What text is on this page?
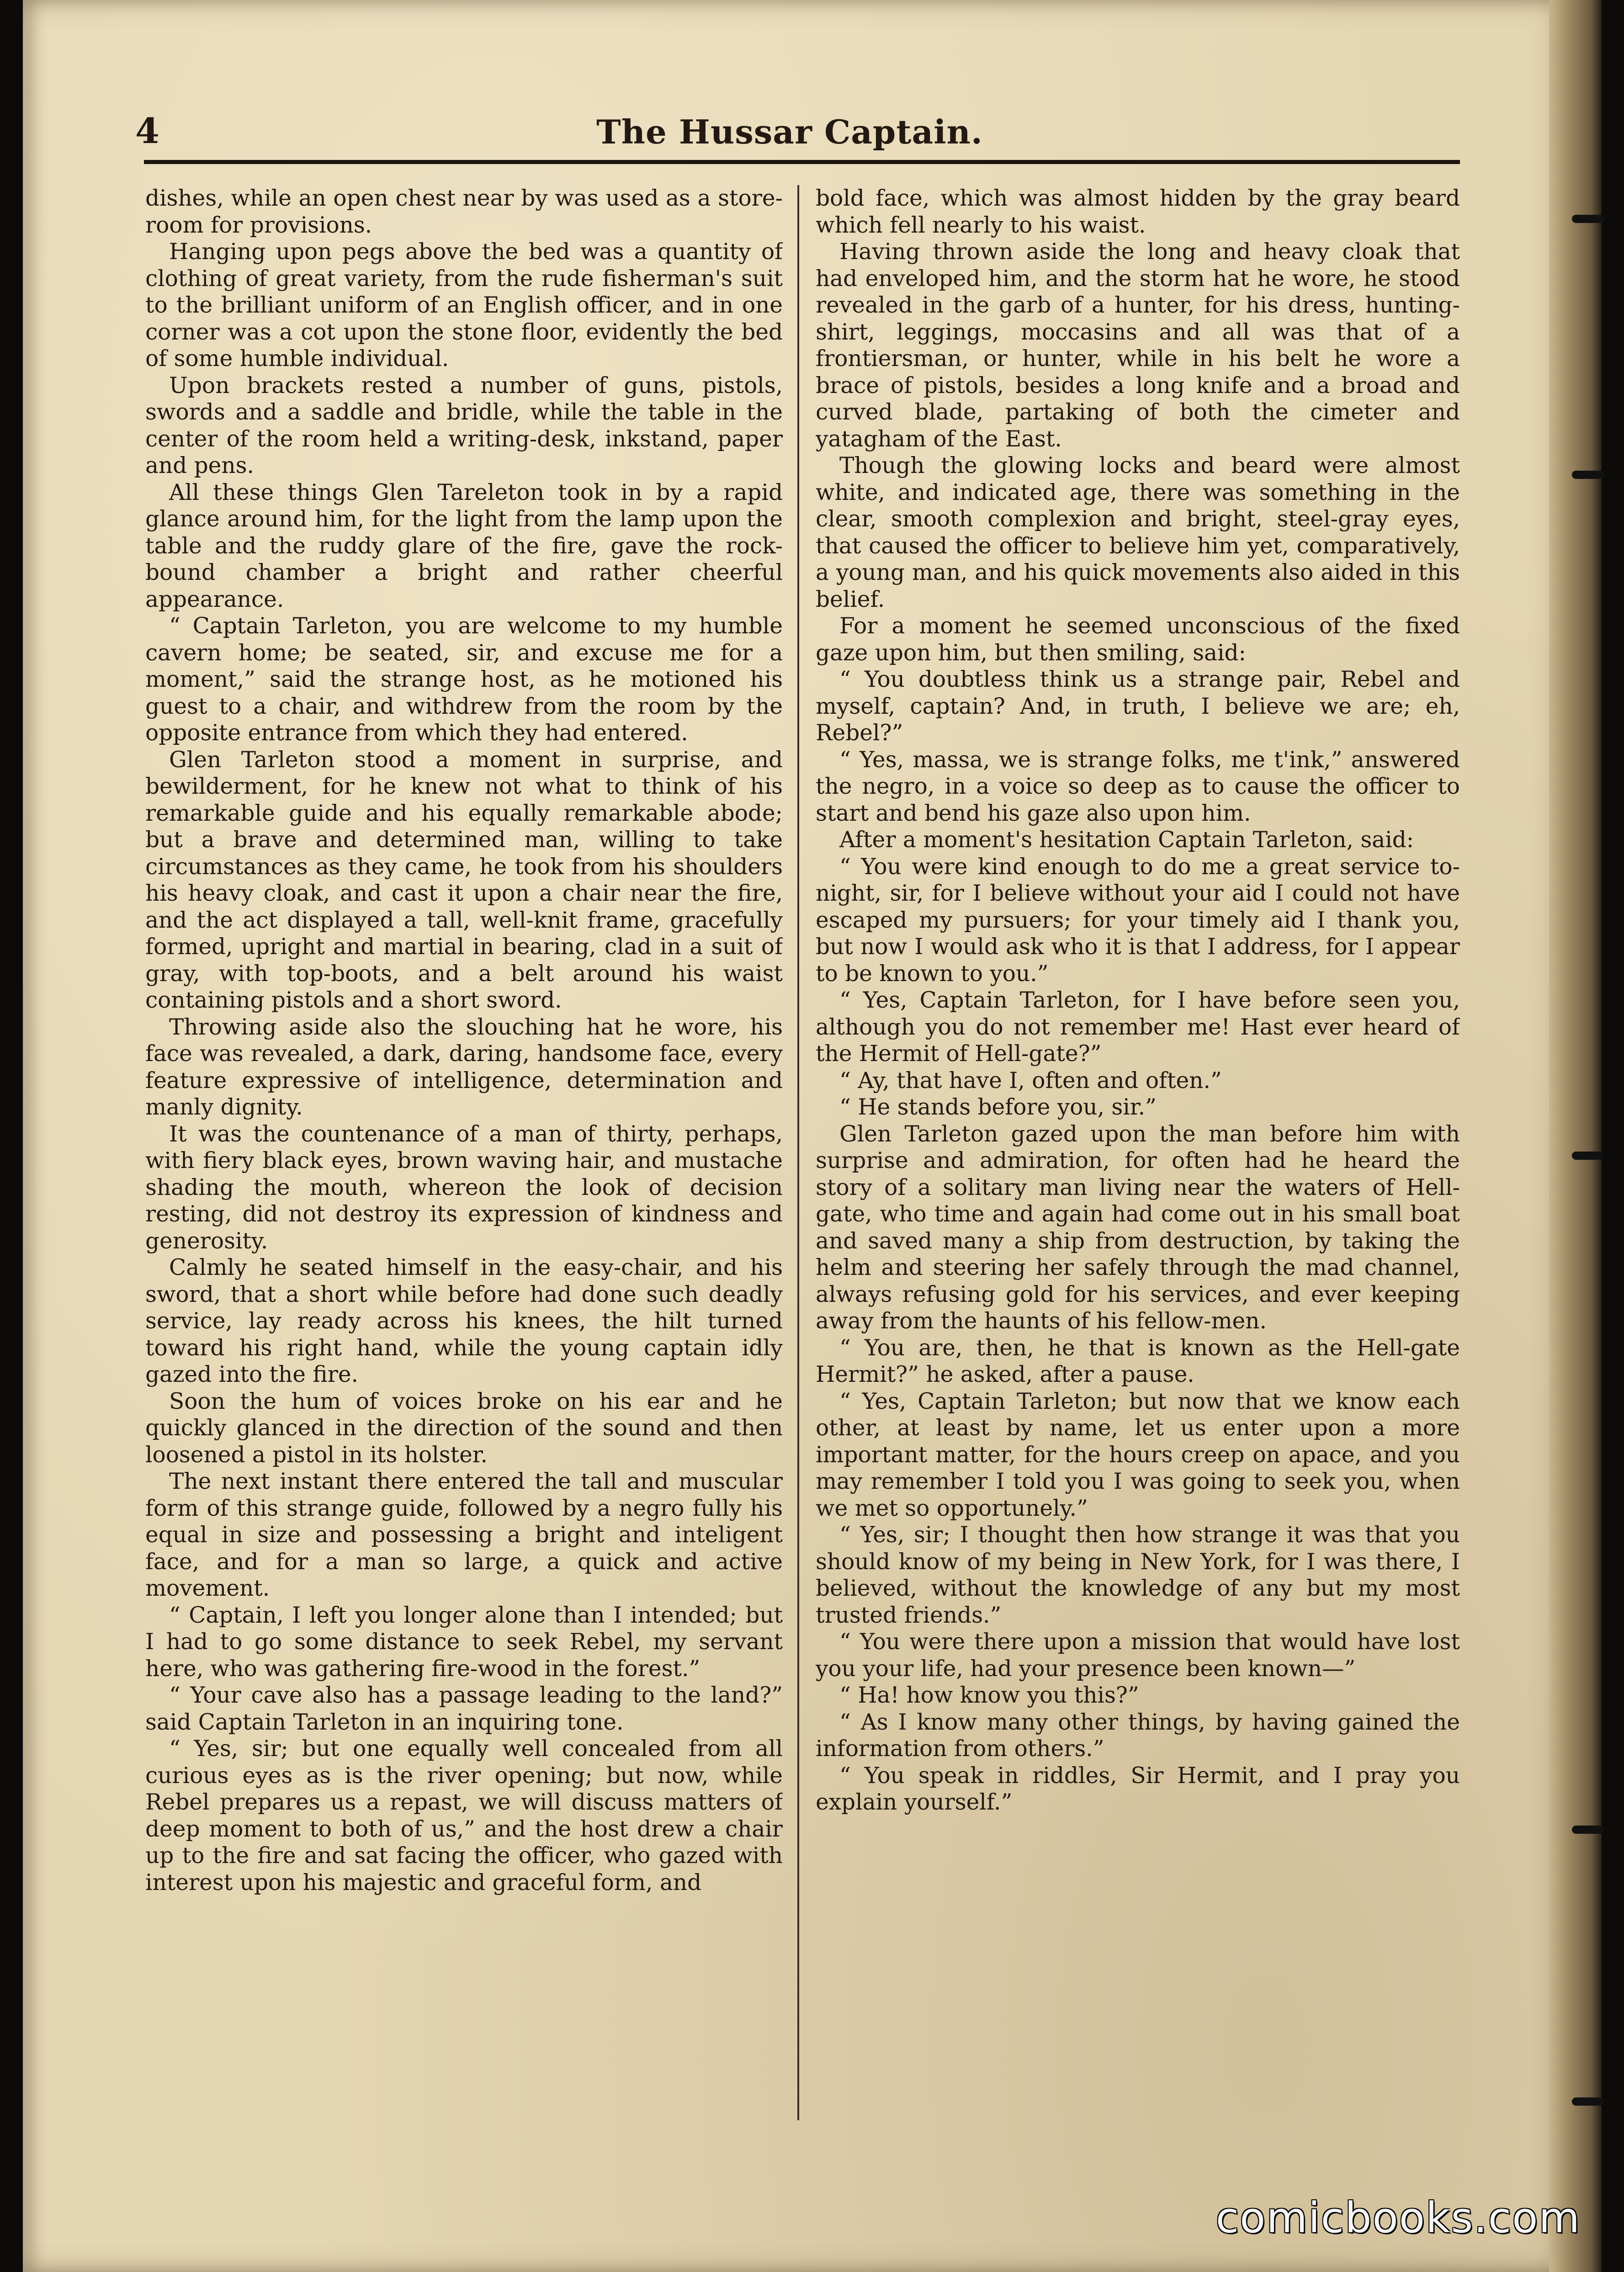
4	The Hussar Captain.

dishes, while an open chest near by was used as a store-room for provisions.

Hanging upon pegs above the bed was a quantity of clothing of great variety, from the rude fisherman's suit to the brilliant uniform of an English officer, and in one corner was a cot upon the stone floor, evidently the bed of some humble individual.

Upon brackets rested a number of guns, pistols, swords and a saddle and bridle, while the table in the center of the room held a writing-desk, inkstand, paper and pens.

All these things Glen Tareleton took in by a rapid glance around him, for the light from the lamp upon the table and the ruddy glare of the fire, gave the rock-bound chamber a bright and rather cheerful appearance.

“ Captain Tarleton, you are welcome to my humble cavern home; be seated, sir, and excuse me for a moment,” said the strange host, as he motioned his guest to a chair, and withdrew from the room by the opposite entrance from which they had entered.

Glen Tarleton stood a moment in surprise, and bewilderment, for he knew not what to think of his remarkable guide and his equally remarkable abode; but a brave and determined man, willing to take circumstances as they came, he took from his shoulders his heavy cloak, and cast it upon a chair near the fire, and the act displayed a tall, well-knit frame, gracefully formed, upright and martial in bearing, clad in a suit of gray, with top-boots, and a belt around his waist containing pistols and a short sword.

Throwing aside also the slouching hat he wore, his face was revealed, a dark, daring, handsome face, every feature expressive of intelligence, determination and manly dignity.

It was the countenance of a man of thirty, perhaps, with fiery black eyes, brown waving hair, and mustache shading the mouth, whereon the look of decision resting, did not destroy its expression of kindness and generosity.

Calmly he seated himself in the easy-chair, and his sword, that a short while before had done such deadly service, lay ready across his knees, the hilt turned toward his right hand, while the young captain idly gazed into the fire.

Soon the hum of voices broke on his ear and he quickly glanced in the direction of the sound and then loosened a pistol in its holster.

The next instant there entered the tall and muscular form of this strange guide, followed by a negro fully his equal in size and possessing a bright and inteligent face, and for a man so large, a quick and active movement.

“ Captain, I left you longer alone than I intended; but I had to go some distance to seek Rebel, my servant here, who was gathering fire-wood in the forest.”

“ Your cave also has a passage leading to the land?” said Captain Tarleton in an inquiring tone.

“ Yes, sir; but one equally well concealed from all curious eyes as is the river opening; but now, while Rebel prepares us a repast, we will discuss matters of deep moment to both of us,” and the host drew a chair up to the fire and sat facing the officer, who gazed with interest upon his majestic and graceful form, and

bold face, which was almost hidden by the gray beard which fell nearly to his waist.

Having thrown aside the long and heavy cloak that had enveloped him, and the storm hat he wore, he stood revealed in the garb of a hunter, for his dress, hunting-shirt, leggings, moccasins and all was that of a frontiersman, or hunter, while in his belt he wore a brace of pistols, besides a long knife and a broad and curved blade, partaking of both the cimeter and yatagham of the East.

Though the glowing locks and beard were almost white, and indicated age, there was something in the clear, smooth complexion and bright, steel-gray eyes, that caused the officer to believe him yet, comparatively, a young man, and his quick movements also aided in this belief.

For a moment he seemed unconscious of the fixed gaze upon him, but then smiling, said:

“ You doubtless think us a strange pair, Rebel and myself, captain? And, in truth, I believe we are; eh, Rebel?”

“ Yes, massa, we is strange folks, me t'ink,” answered the negro, in a voice so deep as to cause the officer to start and bend his gaze also upon him.

After a moment's hesitation Captain Tarleton, said:

“ You were kind enough to do me a great service to-night, sir, for I believe without your aid I could not have escaped my pursuers; for your timely aid I thank you, but now I would ask who it is that I address, for I appear to be known to you.”

“ Yes, Captain Tarleton, for I have before seen you, although you do not remember me! Hast ever heard of the Hermit of Hell-gate?”

“ Ay, that have I, often and often.”

“ He stands before you, sir.”

Glen Tarleton gazed upon the man before him with surprise and admiration, for often had he heard the story of a solitary man living near the waters of Hell-gate, who time and again had come out in his small boat and saved many a ship from destruction, by taking the helm and steering her safely through the mad channel, always refusing gold for his services, and ever keeping away from the haunts of his fellow-men.

“ You are, then, he that is known as the Hell-gate Hermit?” he asked, after a pause.

“ Yes, Captain Tarleton; but now that we know each other, at least by name, let us enter upon a more important matter, for the hours creep on apace, and you may remember I told you I was going to seek you, when we met so opportunely.”

“ Yes, sir; I thought then how strange it was that you should know of my being in New York, for I was there, I believed, without the knowledge of any but my most trusted friends.”

“ You were there upon a mission that would have lost you your life, had your presence been known—”

“ Ha! how know you this?”

“ As I know many other things, by having gained the information from others.”

“ You speak in riddles, Sir Hermit, and I pray you explain yourself.”

comicbooks.com
